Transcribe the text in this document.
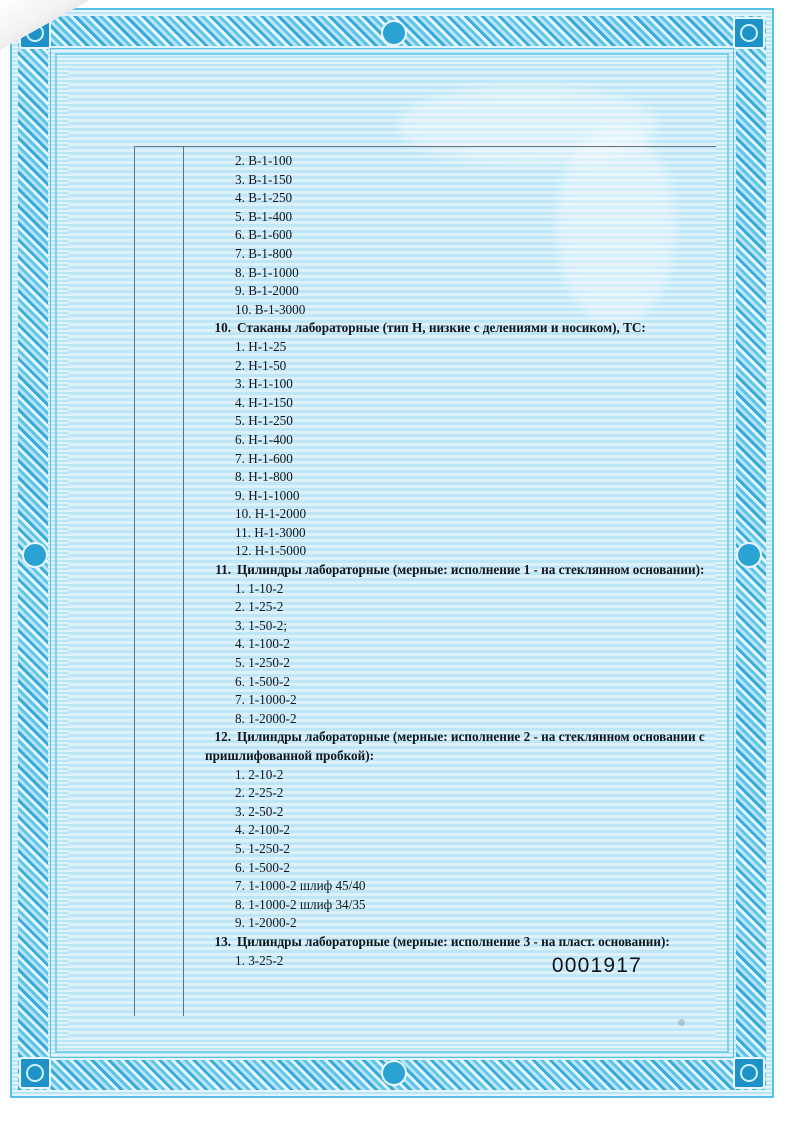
2. В-1-100
3. В-1-150
4. В-1-250
5. В-1-400
6. В-1-600
7. В-1-800
8. В-1-1000
9. В-1-2000
10. В-1-3000
10. Стаканы лабораторные (тип Н, низкие с делениями и носиком), ТС:
1. Н-1-25
2. Н-1-50
3. Н-1-100
4. Н-1-150
5. Н-1-250
6. Н-1-400
7. Н-1-600
8. Н-1-800
9. Н-1-1000
10. Н-1-2000
11. Н-1-3000
12. Н-1-5000
11. Цилиндры лабораторные (мерные: исполнение 1 - на стеклянном основании):
1. 1-10-2
2. 1-25-2
3. 1-50-2;
4. 1-100-2
5. 1-250-2
6. 1-500-2
7. 1-1000-2
8. 1-2000-2
12. Цилиндры лабораторные (мерные: исполнение 2 - на стеклянном основании с пришлифованной пробкой):
1. 2-10-2
2. 2-25-2
3. 2-50-2
4. 2-100-2
5. 1-250-2
6. 1-500-2
7. 1-1000-2 шлиф 45/40
8. 1-1000-2 шлиф 34/35
9. 1-2000-2
13. Цилиндры лабораторные (мерные: исполнение 3 - на пласт. основании):
1. 3-25-2	0001917
